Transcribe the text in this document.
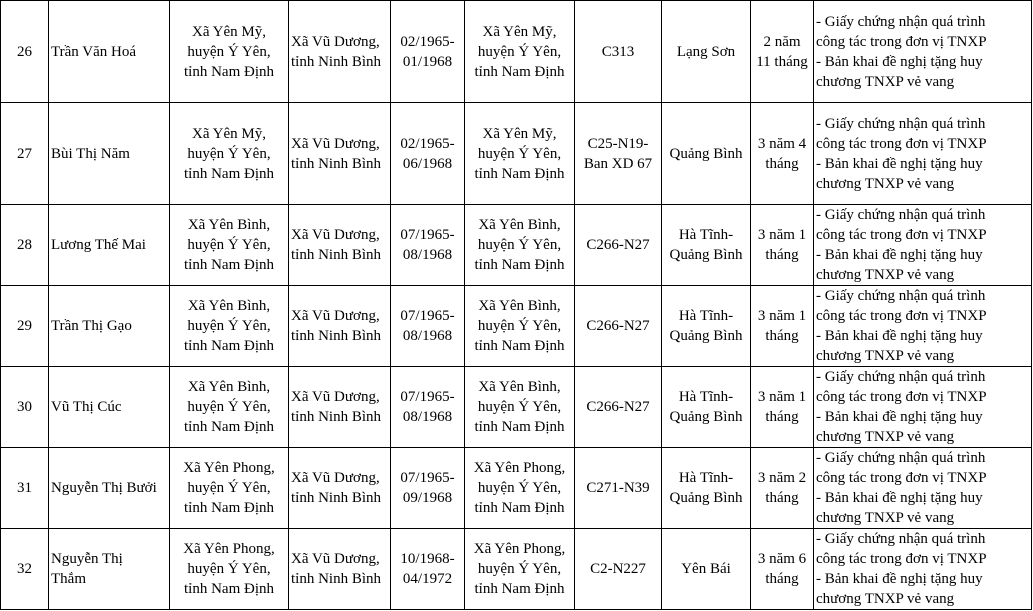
26	Trần Văn Hoá	Xã Yên Mỹ,
huyện Ý Yên,
tỉnh Nam Định	Xã Vũ Dương,
tỉnh Ninh Bình	02/1965-
01/1968	Xã Yên Mỹ,
huyện Ý Yên,
tỉnh Nam Định	C313	Lạng Sơn	2 năm
11 tháng	- Giấy chứng nhận quá trình
công tác trong đơn vị TNXP
- Bản khai đề nghị tặng huy
chương TNXP vẻ vang

27	Bùi Thị Năm	Xã Yên Mỹ,
huyện Ý Yên,
tỉnh Nam Định	Xã Vũ Dương,
tỉnh Ninh Bình	02/1965-
06/1968	Xã Yên Mỹ,
huyện Ý Yên,
tỉnh Nam Định	C25-N19-
Ban XD 67	Quảng Bình	3 năm 4
tháng	- Giấy chứng nhận quá trình
công tác trong đơn vị TNXP
- Bản khai đề nghị tặng huy
chương TNXP vẻ vang

28	Lương Thế Mai	Xã Yên Bình,
huyện Ý Yên,
tỉnh Nam Định	Xã Vũ Dương,
tỉnh Ninh Bình	07/1965-
08/1968	Xã Yên Bình,
huyện Ý Yên,
tỉnh Nam Định	C266-N27	Hà Tĩnh-
Quảng Bình	3 năm 1
tháng	- Giấy chứng nhận quá trình
công tác trong đơn vị TNXP
- Bản khai đề nghị tặng huy
chương TNXP vẻ vang

29	Trần Thị Gạo	Xã Yên Bình,
huyện Ý Yên,
tỉnh Nam Định	Xã Vũ Dương,
tỉnh Ninh Bình	07/1965-
08/1968	Xã Yên Bình,
huyện Ý Yên,
tỉnh Nam Định	C266-N27	Hà Tĩnh-
Quảng Bình	3 năm 1
tháng	- Giấy chứng nhận quá trình
công tác trong đơn vị TNXP
- Bản khai đề nghị tặng huy
chương TNXP vẻ vang

30	Vũ Thị Cúc	Xã Yên Bình,
huyện Ý Yên,
tỉnh Nam Định	Xã Vũ Dương,
tỉnh Ninh Bình	07/1965-
08/1968	Xã Yên Bình,
huyện Ý Yên,
tỉnh Nam Định	C266-N27	Hà Tĩnh-
Quảng Bình	3 năm 1
tháng	- Giấy chứng nhận quá trình
công tác trong đơn vị TNXP
- Bản khai đề nghị tặng huy
chương TNXP vẻ vang

31	Nguyễn Thị Bưởi	Xã Yên Phong,
huyện Ý Yên,
tỉnh Nam Định	Xã Vũ Dương,
tỉnh Ninh Bình	07/1965-
09/1968	Xã Yên Phong,
huyện Ý Yên,
tỉnh Nam Định	C271-N39	Hà Tĩnh-
Quảng Bình	3 năm 2
tháng	- Giấy chứng nhận quá trình
công tác trong đơn vị TNXP
- Bản khai đề nghị tặng huy
chương TNXP vẻ vang

32	Nguyễn Thị
Thắm	Xã Yên Phong,
huyện Ý Yên,
tỉnh Nam Định	Xã Vũ Dương,
tỉnh Ninh Bình	10/1968-
04/1972	Xã Yên Phong,
huyện Ý Yên,
tỉnh Nam Định	C2-N227	Yên Bái	3 năm 6
tháng	- Giấy chứng nhận quá trình
công tác trong đơn vị TNXP
- Bản khai đề nghị tặng huy
chương TNXP vẻ vang
